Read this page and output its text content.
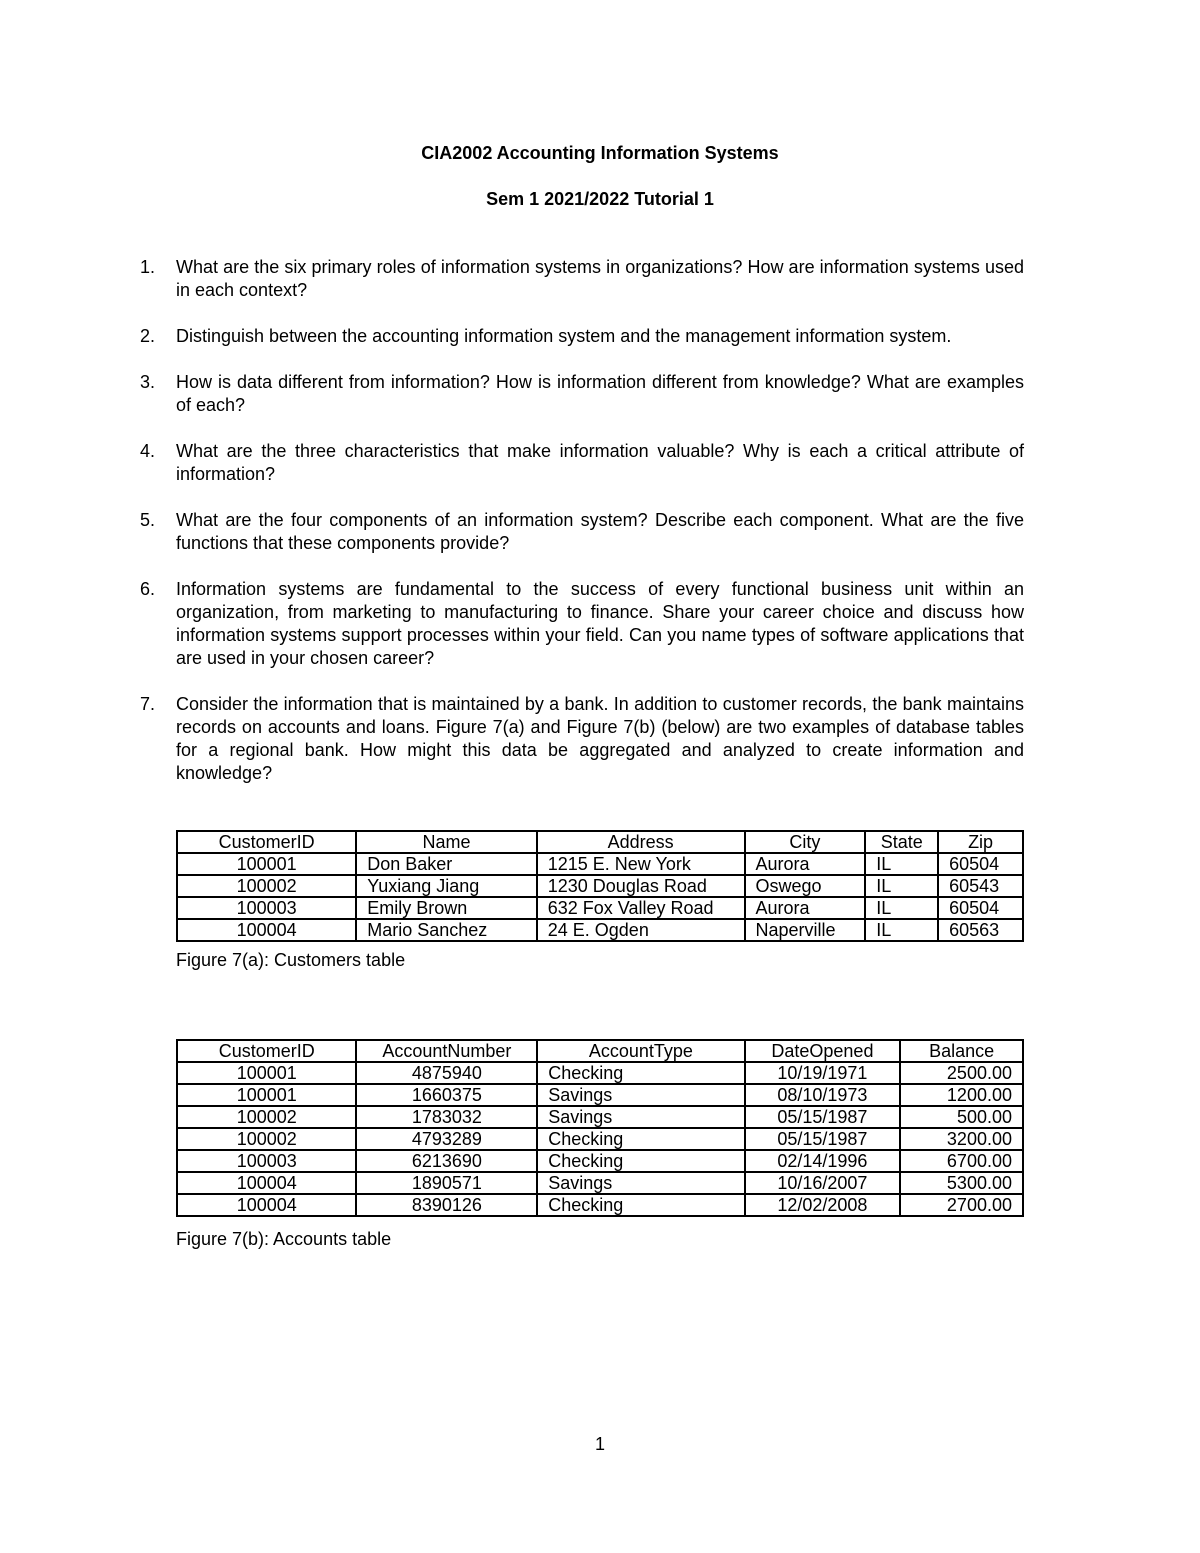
CIA2002 Accounting Information Systems
Sem 1 2021/2022 Tutorial 1
1.	What are the six primary roles of information systems in organizations? How are information systems used in each context?
2.	Distinguish between the accounting information system and the management information system.
3.	How is data different from information? How is information different from knowledge? What are examples of each?
4.	What are the three characteristics that make information valuable? Why is each a critical attribute of information?
5.	What are the four components of an information system? Describe each component. What are the five functions that these components provide?
6.	Information systems are fundamental to the success of every functional business unit within an organization, from marketing to manufacturing to finance. Share your career choice and discuss how information systems support processes within your field. Can you name types of software applications that are used in your chosen career?
7.	Consider the information that is maintained by a bank. In addition to customer records, the bank maintains records on accounts and loans. Figure 7(a) and Figure 7(b) (below) are two examples of database tables for a regional bank. How might this data be aggregated and analyzed to create information and knowledge?
CustomerID	Name	Address	City	State	Zip
100001	Don Baker	1215 E. New York	Aurora	IL	60504
100002	Yuxiang Jiang	1230 Douglas Road	Oswego	IL	60543
100003	Emily Brown	632 Fox Valley Road	Aurora	IL	60504
100004	Mario Sanchez	24 E. Ogden	Naperville	IL	60563
Figure 7(a): Customers table
CustomerID	AccountNumber	AccountType	DateOpened	Balance
100001	4875940	Checking	10/19/1971	2500.00
100001	1660375	Savings	08/10/1973	1200.00
100002	1783032	Savings	05/15/1987	500.00
100002	4793289	Checking	05/15/1987	3200.00
100003	6213690	Checking	02/14/1996	6700.00
100004	1890571	Savings	10/16/2007	5300.00
100004	8390126	Checking	12/02/2008	2700.00
Figure 7(b): Accounts table
1
